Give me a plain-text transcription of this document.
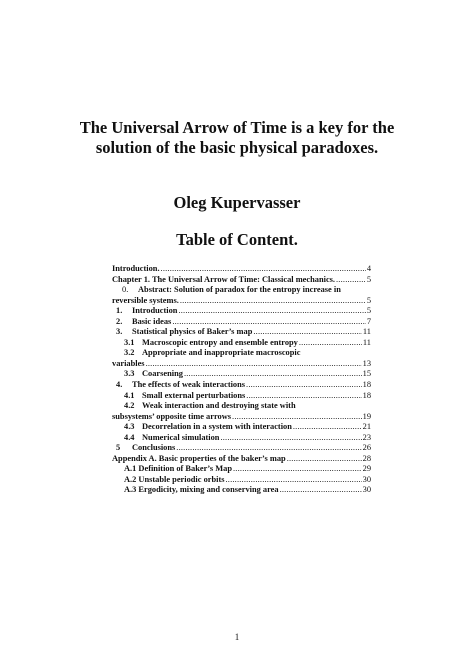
The Universal Arrow of Time is a key for the solution of the basic physical paradoxes.
Oleg Kupervasser
Table of Content.
Introduction. .....	4
Chapter 1. The Universal Arrow of Time: Classical mechanics. .....	5
0. Abstract: Solution of paradox for the entropy increase in
reversible systems. .....	5
1.	Introduction .....	5
2.	Basic ideas .....	7
3.	Statistical physics of Baker’s map .....	11
3.1 Macroscopic entropy and ensemble entropy .....	11
3.2 Appropriate and inappropriate macroscopic
variables .....	13
3.3 Coarsening .....	15
4.	The effects of weak interactions .....	18
4.1 Small external perturbations .....	18
4.2 Weak interaction and destroying state with
subsystems’ opposite time arrows .....	19
4.3 Decorrelation in a system with interaction .....	21
4.4 Numerical simulation .....	23
5	Conclusions .....	26
Appendix A. Basic properties of the baker’s map .....	28
A.1 Definition of Baker’s Map .....	29
A.2 Unstable periodic orbits .....	30
A.3 Ergodicity, mixing and conserving area .....	30
1
